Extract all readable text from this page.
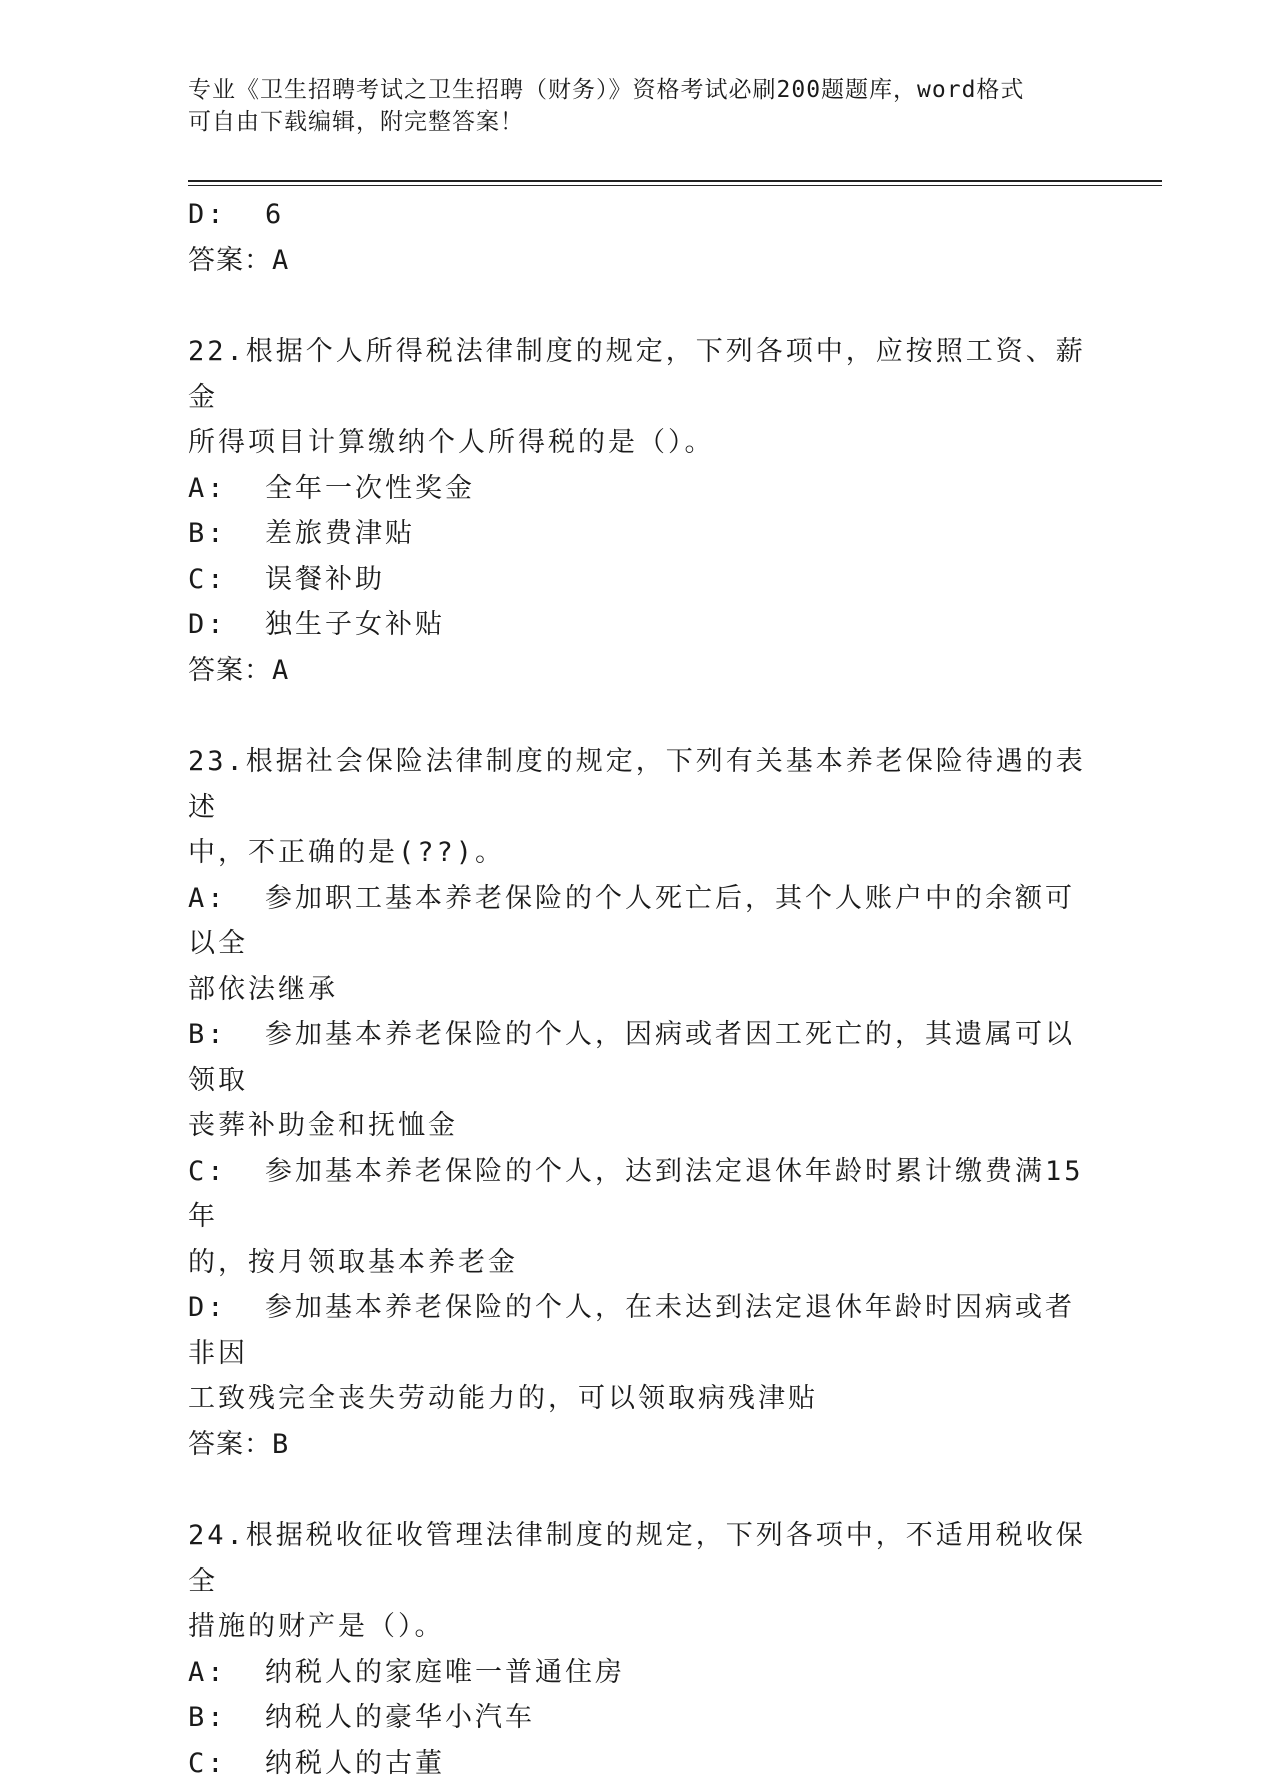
专业《卫生招聘考试之卫生招聘（财务）》资格考试必刷200题题库，word格式
可自由下载编辑，附完整答案！
D:  6
答案：A
22.根据个人所得税法律制度的规定，下列各项中，应按照工资、薪金
所得项目计算缴纳个人所得税的是（）。
A:  全年一次性奖金
B:  差旅费津贴
C:  误餐补助
D:  独生子女补贴
答案：A
23.根据社会保险法律制度的规定，下列有关基本养老保险待遇的表述
中，不正确的是(??)。
A:  参加职工基本养老保险的个人死亡后，其个人账户中的余额可以全
部依法继承
B:  参加基本养老保险的个人，因病或者因工死亡的，其遗属可以领取
丧葬补助金和抚恤金
C:  参加基本养老保险的个人，达到法定退休年龄时累计缴费满15年
的，按月领取基本养老金
D:  参加基本养老保险的个人，在未达到法定退休年龄时因病或者非因
工致残完全丧失劳动能力的，可以领取病残津贴
答案：B
24.根据税收征收管理法律制度的规定，下列各项中，不适用税收保全
措施的财产是（）。
A:  纳税人的家庭唯一普通住房
B:  纳税人的豪华小汽车
C:  纳税人的古董
